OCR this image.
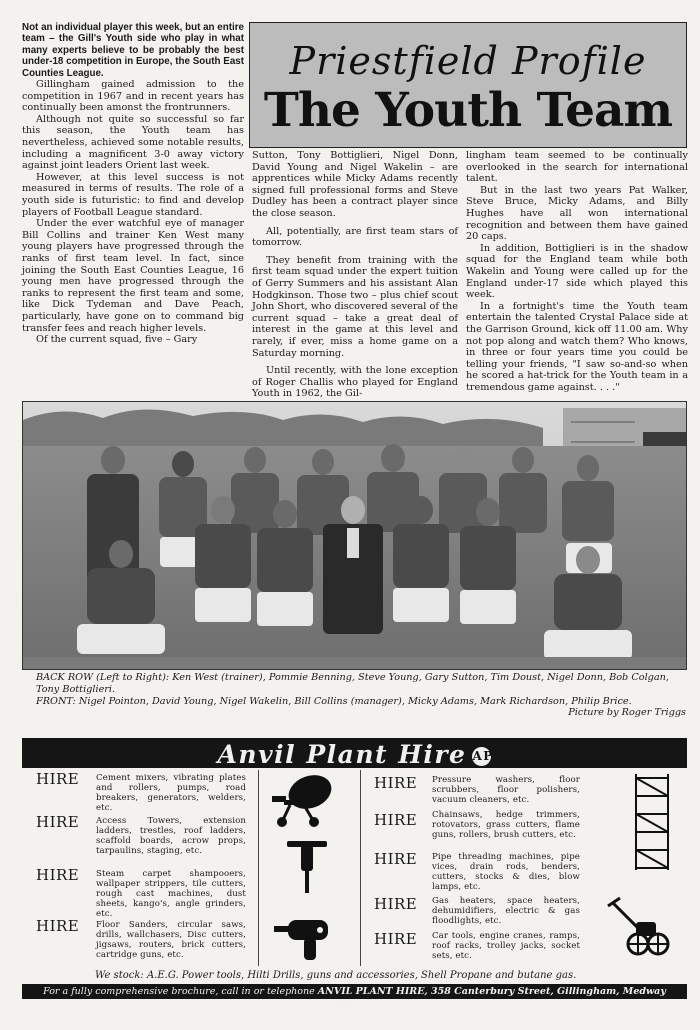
Not an individual player this week, but an entire team – the Gill's Youth side who play in what many experts believe to be probably the best under-18 competition in Europe, the South East Counties League.

Gillingham gained admission to the competition in 1967 and in recent years has continually been amonst the frontrunners.

Although not quite so successful so far this season, the Youth team has nevertheless, achieved some notable results, including a magnificent 3-0 away victory against joint leaders Orient last week.

However, at this level success is not measured in terms of results. The role of a youth side is futuristic: to find and develop players of Football League standard.

Under the ever watchful eye of manager Bill Collins and trainer Ken West many young players have progressed through the ranks of first team level. In fact, since joining the South East Counties League, 16 young men have progressed through the ranks to represent the first team and some, like Dick Tydeman and Dave Peach, particularly, have gone on to command big transfer fees and reach higher levels.

Of the current squad, five – Gary

Priestfield Profile
The Youth Team

Sutton, Tony Bottiglieri, Nigel Donn, David Young and Nigel Wakelin – are apprentices while Micky Adams recently signed full professional forms and Steve Dudley has been a contract player since the close season.

All, potentially, are first team stars of tomorrow.

They benefit from training with the first team squad under the expert tuition of Gerry Summers and his assistant Alan Hodgkinson. Those two – plus chief scout John Short, who discovered several of the current squad – take a great deal of interest in the game at this level and rarely, if ever, miss a home game on a Saturday morning.

Until recently, with the lone exception of Roger Challis who played for England Youth in 1962, the Gil-

lingham team seemed to be continually overlooked in the search for international talent.

But in the last two years Pat Walker, Steve Bruce, Micky Adams, and Billy Hughes have all won international recognition and between them have gained 20 caps.

In addition, Bottiglieri is in the shadow squad for the England team while both Wakelin and Young were called up for the England under-17 side which played this week.

In a fortnight's time the Youth team entertain the talented Crystal Palace side at the Garrison Ground, kick off 11.00 am. Why not pop along and watch them? Who knows, in three or four years time you could be telling your friends, "I saw so-and-so when he scored a hat-trick for the Youth team in a tremendous game against. . . ."

BACK ROW (Left to Right): Ken West (trainer), Pommie Benning, Steve Young, Gary Sutton, Tim Doust, Nigel Donn, Bob Colgan, Tony Bottiglieri.
FRONT: Nigel Pointon, David Young, Nigel Wakelin, Bill Collins (manager), Micky Adams, Mark Richardson, Philip Brice.
Picture by Roger Triggs
Anvil Plant Hire AP
HIRE Cement mixers, vibrating plates and rollers, pumps, road breakers, generators, welders, etc.
HIRE Access Towers, extension ladders, trestles, roof ladders, scaffold boards, acrow props, tarpaulins, staging, etc.
HIRE Steam carpet shampooers, wallpaper strippers, tile cutters, rough cast machines, dust sheets, kango's, angle grinders, etc.
HIRE Floor Sanders, circular saws, drills, wallchasers, Disc cutters, jigsaws, routers, brick cutters, cartridge guns, etc.
HIRE Pressure washers, floor scrubbers, floor polishers, vacuum cleaners, etc.
HIRE Chainsaws, hedge trimmers, rotovators, grass cutters, flame guns, rollers, brush cutters, etc.
HIRE Pipe threading machines, pipe vices, drain rods, benders, cutters, stocks & dies, blow lamps, etc.
HIRE Gas heaters, space heaters, dehumidifiers, electric & gas floodlights, etc.
HIRE Car tools, engine cranes, ramps, roof racks, trolley jacks, socket sets, etc.
We stock: A.E.G. Power tools, Hilti Drills, guns and accessories, Shell Propane and butane gas.
For a fully comprehensive brochure, call in or telephone ANVIL PLANT HIRE, 358 Canterbury Street, Gillingham, Medway 575221.
